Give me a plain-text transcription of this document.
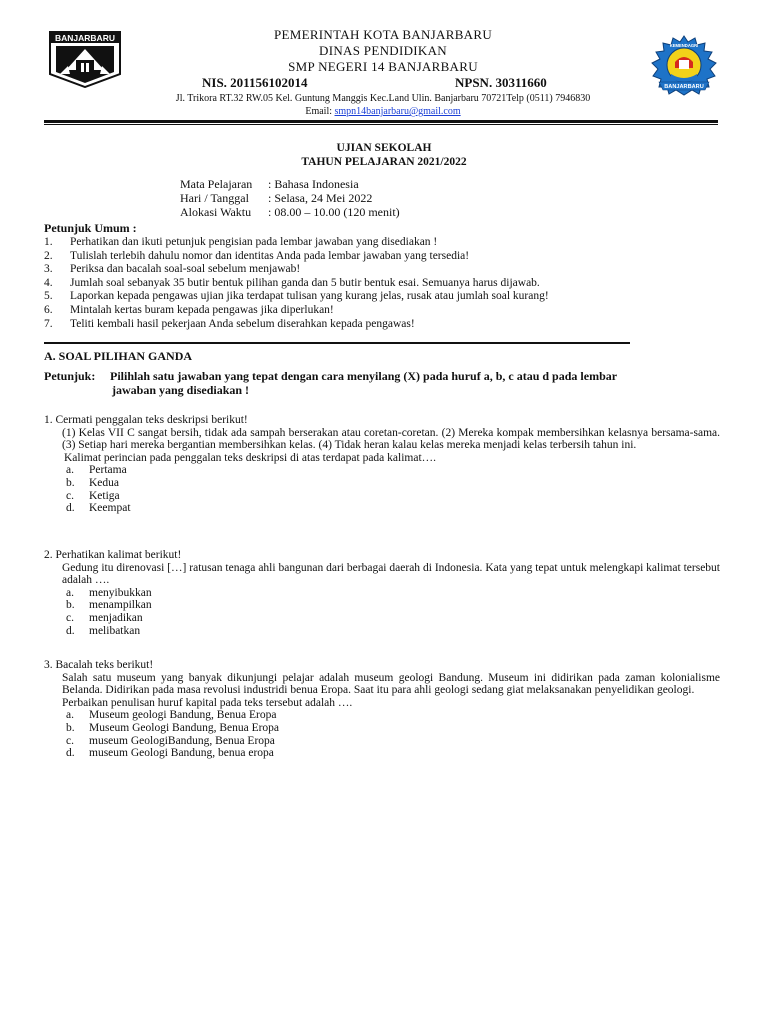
BANJARBARU	PEMERINTAH KOTA BANJARBARU
DINAS PENDIDIKAN
SMP NEGERI 14 BANJARBARU
NIS. 201156102014	NPSN. 30311660	BANJARBARU
KEMENDAGRI
Jl. Trikora RT.32 RW.05 Kel. Guntung Manggis Kec.Land Ulin. Banjarbaru 70721Telp (0511) 7946830
Email: smpn14banjarbaru@gmail.com
UJIAN SEKOLAH
TAHUN PELAJARAN 2021/2022
Mata Pelajaran : Bahasa Indonesia
Hari / Tanggal : Selasa, 24 Mei 2022
Alokasi Waktu : 08.00 – 10.00 (120 menit)
Petunjuk Umum :
1. Perhatikan dan ikuti petunjuk pengisian pada lembar jawaban yang disediakan !
2. Tulislah terlebih dahulu nomor dan identitas Anda pada lembar jawaban yang tersedia!
3. Periksa dan bacalah soal-soal sebelum menjawab!
4. Jumlah soal sebanyak 35 butir bentuk pilihan ganda dan 5 butir bentuk esai. Semuanya harus dijawab.
5. Laporkan kepada pengawas ujian jika terdapat tulisan yang kurang jelas, rusak atau jumlah soal kurang!
6. Mintalah kertas buram kepada pengawas jika diperlukan!
7. Teliti kembali hasil pekerjaan Anda sebelum diserahkan kepada pengawas!
A. SOAL PILIHAN GANDA
Petunjuk: Pilihlah satu jawaban yang tepat dengan cara menyilang (X) pada huruf a, b, c atau d pada lembar
jawaban yang disediakan !

1. Cermati penggalan teks deskripsi berikut!

(1) Kelas VII C sangat bersih, tidak ada sampah berserakan atau coretan-coretan. (2) Mereka kompak membersihkan kelasnya bersama-sama. (3) Setiap hari mereka bergantian membersihkan kelas. (4) Tidak heran kalau kelas mereka menjadi kelas terbersih tahun ini.

Kalimat perincian pada penggalan teks deskripsi di atas terdapat pada kalimat….

a. Pertama
b. Kedua
c. Ketiga
d. Keempat

2. Perhatikan kalimat berikut!

Gedung itu direnovasi […] ratusan tenaga ahli bangunan dari berbagai daerah di Indonesia. Kata yang tepat untuk melengkapi kalimat tersebut adalah ….

a. menyibukkan
b. menampilkan
c. menjadikan
d. melibatkan

3. Bacalah teks berikut!

Salah satu museum yang banyak dikunjungi pelajar adalah museum geologi Bandung. Museum ini didirikan pada zaman kolonialisme Belanda. Didirikan pada masa revolusi industridi benua Eropa. Saat itu para ahli geologi sedang giat melaksanakan penyelidikan geologi.

Perbaikan penulisan huruf kapital pada teks tersebut adalah ….

a. Museum geologi Bandung, Benua Eropa
b. Museum Geologi Bandung, Benua Eropa
c. museum GeologiBandung, Benua Eropa
d. museum Geologi Bandung, benua eropa
